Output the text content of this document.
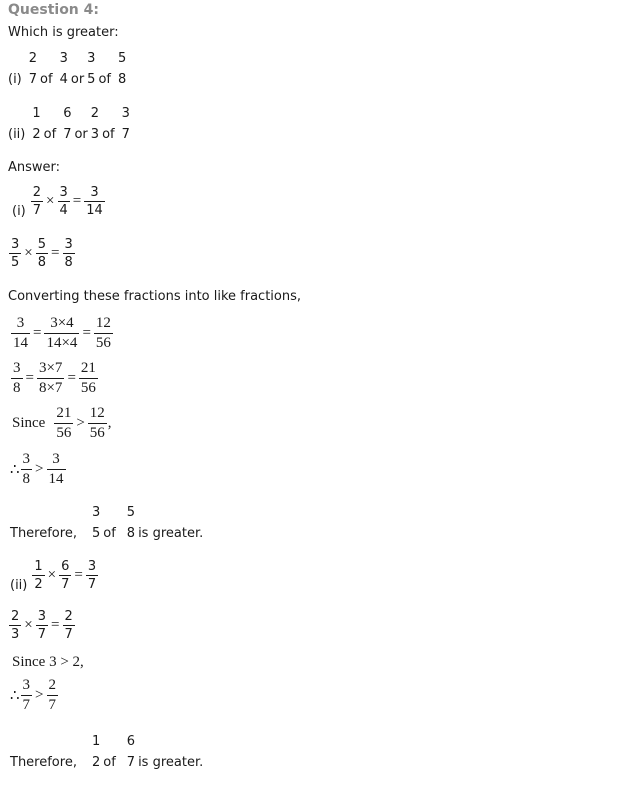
Question 4:
Which is greater:
(i)
2
7 of
3
4 or
3
5 of
5
8
(ii)
1
2 of
6
7 or
2
3 of
3
7
Answer:
$(i) \frac{2}{7} \times \frac{3}{4} = \frac{3}{14}$
$\frac{3}{5} \times \frac{5}{8} = \frac{3}{8}$
Converting these fractions into like fractions,
$\frac{3}{14} = \frac{3\times 4}{14\times 4} = \frac{12}{56}$
$\frac{3}{8} = \frac{3\times 7}{8\times 7} = \frac{21}{56}$
Since $\frac{21}{56} > \frac{12}{56}$ ,
∴ $\frac{3}{8} > \frac{3}{14}$
Therefore,
3
5 of
5
8 is greater.
$(ii) \frac{1}{2} \times \frac{6}{7} = \frac{3}{7}$
$\frac{2}{3} \times \frac{3}{7} = \frac{2}{7}$
Since 3 > 2,
∴ $\frac{3}{7} > \frac{2}{7}$
Therefore,
1
2 of
6
7 is greater.
